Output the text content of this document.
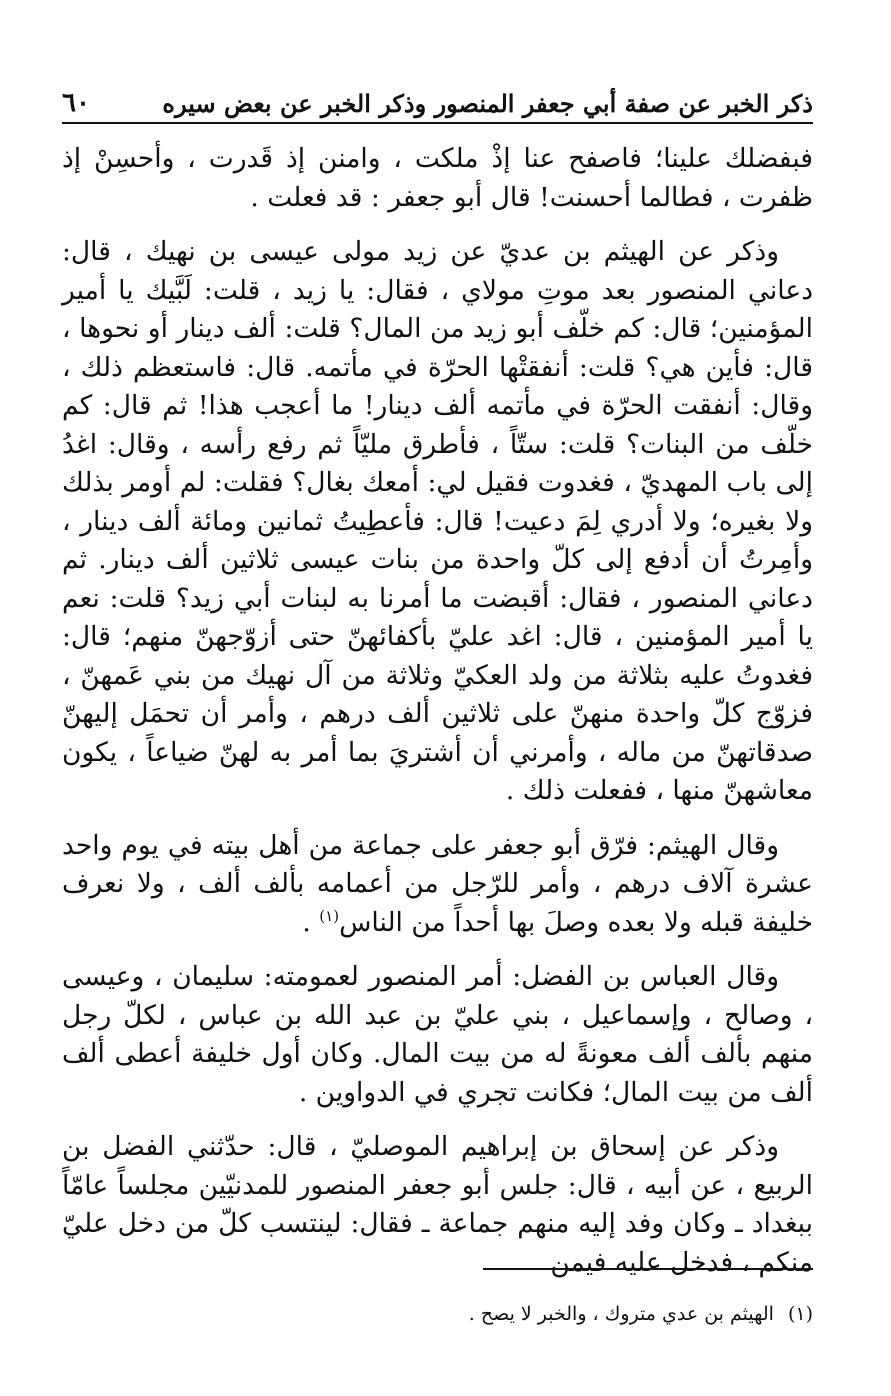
ذكر الخبر عن صفة أبي جعفر المنصور وذكر الخبر عن بعض سيره
٦٠

فبفضلك علينا؛ فاصفح عنا إذْ ملكت ، وامنن إذ قَدرت ، وأحسِنْ إذ ظفرت ، فطالما أحسنت! قال أبو جعفر : قد فعلت .

وذكر عن الهيثم بن عديّ عن زيد مولى عيسى بن نهيك ، قال: دعاني المنصور بعد موتِ مولاي ، فقال: يا زيد ، قلت: لَبَّيك يا أمير المؤمنين؛ قال: كم خلّف أبو زيد من المال؟ قلت: ألف دينار أو نحوها ، قال: فأين هي؟ قلت: أنفقتْها الحرّة في مأتمه. قال: فاستعظم ذلك ، وقال: أنفقت الحرّة في مأتمه ألف دينار! ما أعجب هذا! ثم قال: كم خلّف من البنات؟ قلت: ستّاً ، فأطرق مليّاً ثم رفع رأسه ، وقال: اغدُ إلى باب المهديّ ، فغدوت فقيل لي: أمعك بغال؟ فقلت: لم أومر بذلك ولا بغيره؛ ولا أدري لِمَ دعيت! قال: فأعطِيتُ ثمانين ومائة ألف دينار ، وأمِرتُ أن أدفع إلى كلّ واحدة من بنات عيسى ثلاثين ألف دينار. ثم دعاني المنصور ، فقال: أقبضت ما أمرنا به لبنات أبي زيد؟ قلت: نعم يا أمير المؤمنين ، قال: اغد عليّ بأكفائهنّ حتى أزوّجهنّ منهم؛ قال: فغدوتُ عليه بثلاثة من ولد العكيّ وثلاثة من آل نهيك من بني عَمهنّ ، فزوّج كلّ واحدة منهنّ على ثلاثين ألف درهم ، وأمر أن تحمَل إليهنّ صدقاتهنّ من ماله ، وأمرني أن أشتريَ بما أمر به لهنّ ضياعاً ، يكون معاشهنّ منها ، ففعلت ذلك .

وقال الهيثم: فرّق أبو جعفر على جماعة من أهل بيته في يوم واحد عشرة آلاف درهم ، وأمر للرّجل من أعمامه بألف ألف ، ولا نعرف خليفة قبله ولا بعده وصلَ بها أحداً من الناس$^{(١)}$ .

وقال العباس بن الفضل: أمر المنصور لعمومته: سليمان ، وعيسى ، وصالح ، وإسماعيل ، بني عليّ بن عبد الله بن عباس ، لكلّ رجل منهم بألف ألف معونةً له من بيت المال. وكان أول خليفة أعطى ألف ألف من بيت المال؛ فكانت تجري في الدواوين .

وذكر عن إسحاق بن إبراهيم الموصليّ ، قال: حدّثني الفضل بن الربيع ، عن أبيه ، قال: جلس أبو جعفر المنصور للمدنيّين مجلساً عامّاً ببغداد ـ وكان وفد إليه منهم جماعة ـ فقال: لينتسب كلّ من دخل عليّ منكم ، فدخل عليه فيمن

(١)الهيثم بن عدي متروك ، والخبر لا يصح .
